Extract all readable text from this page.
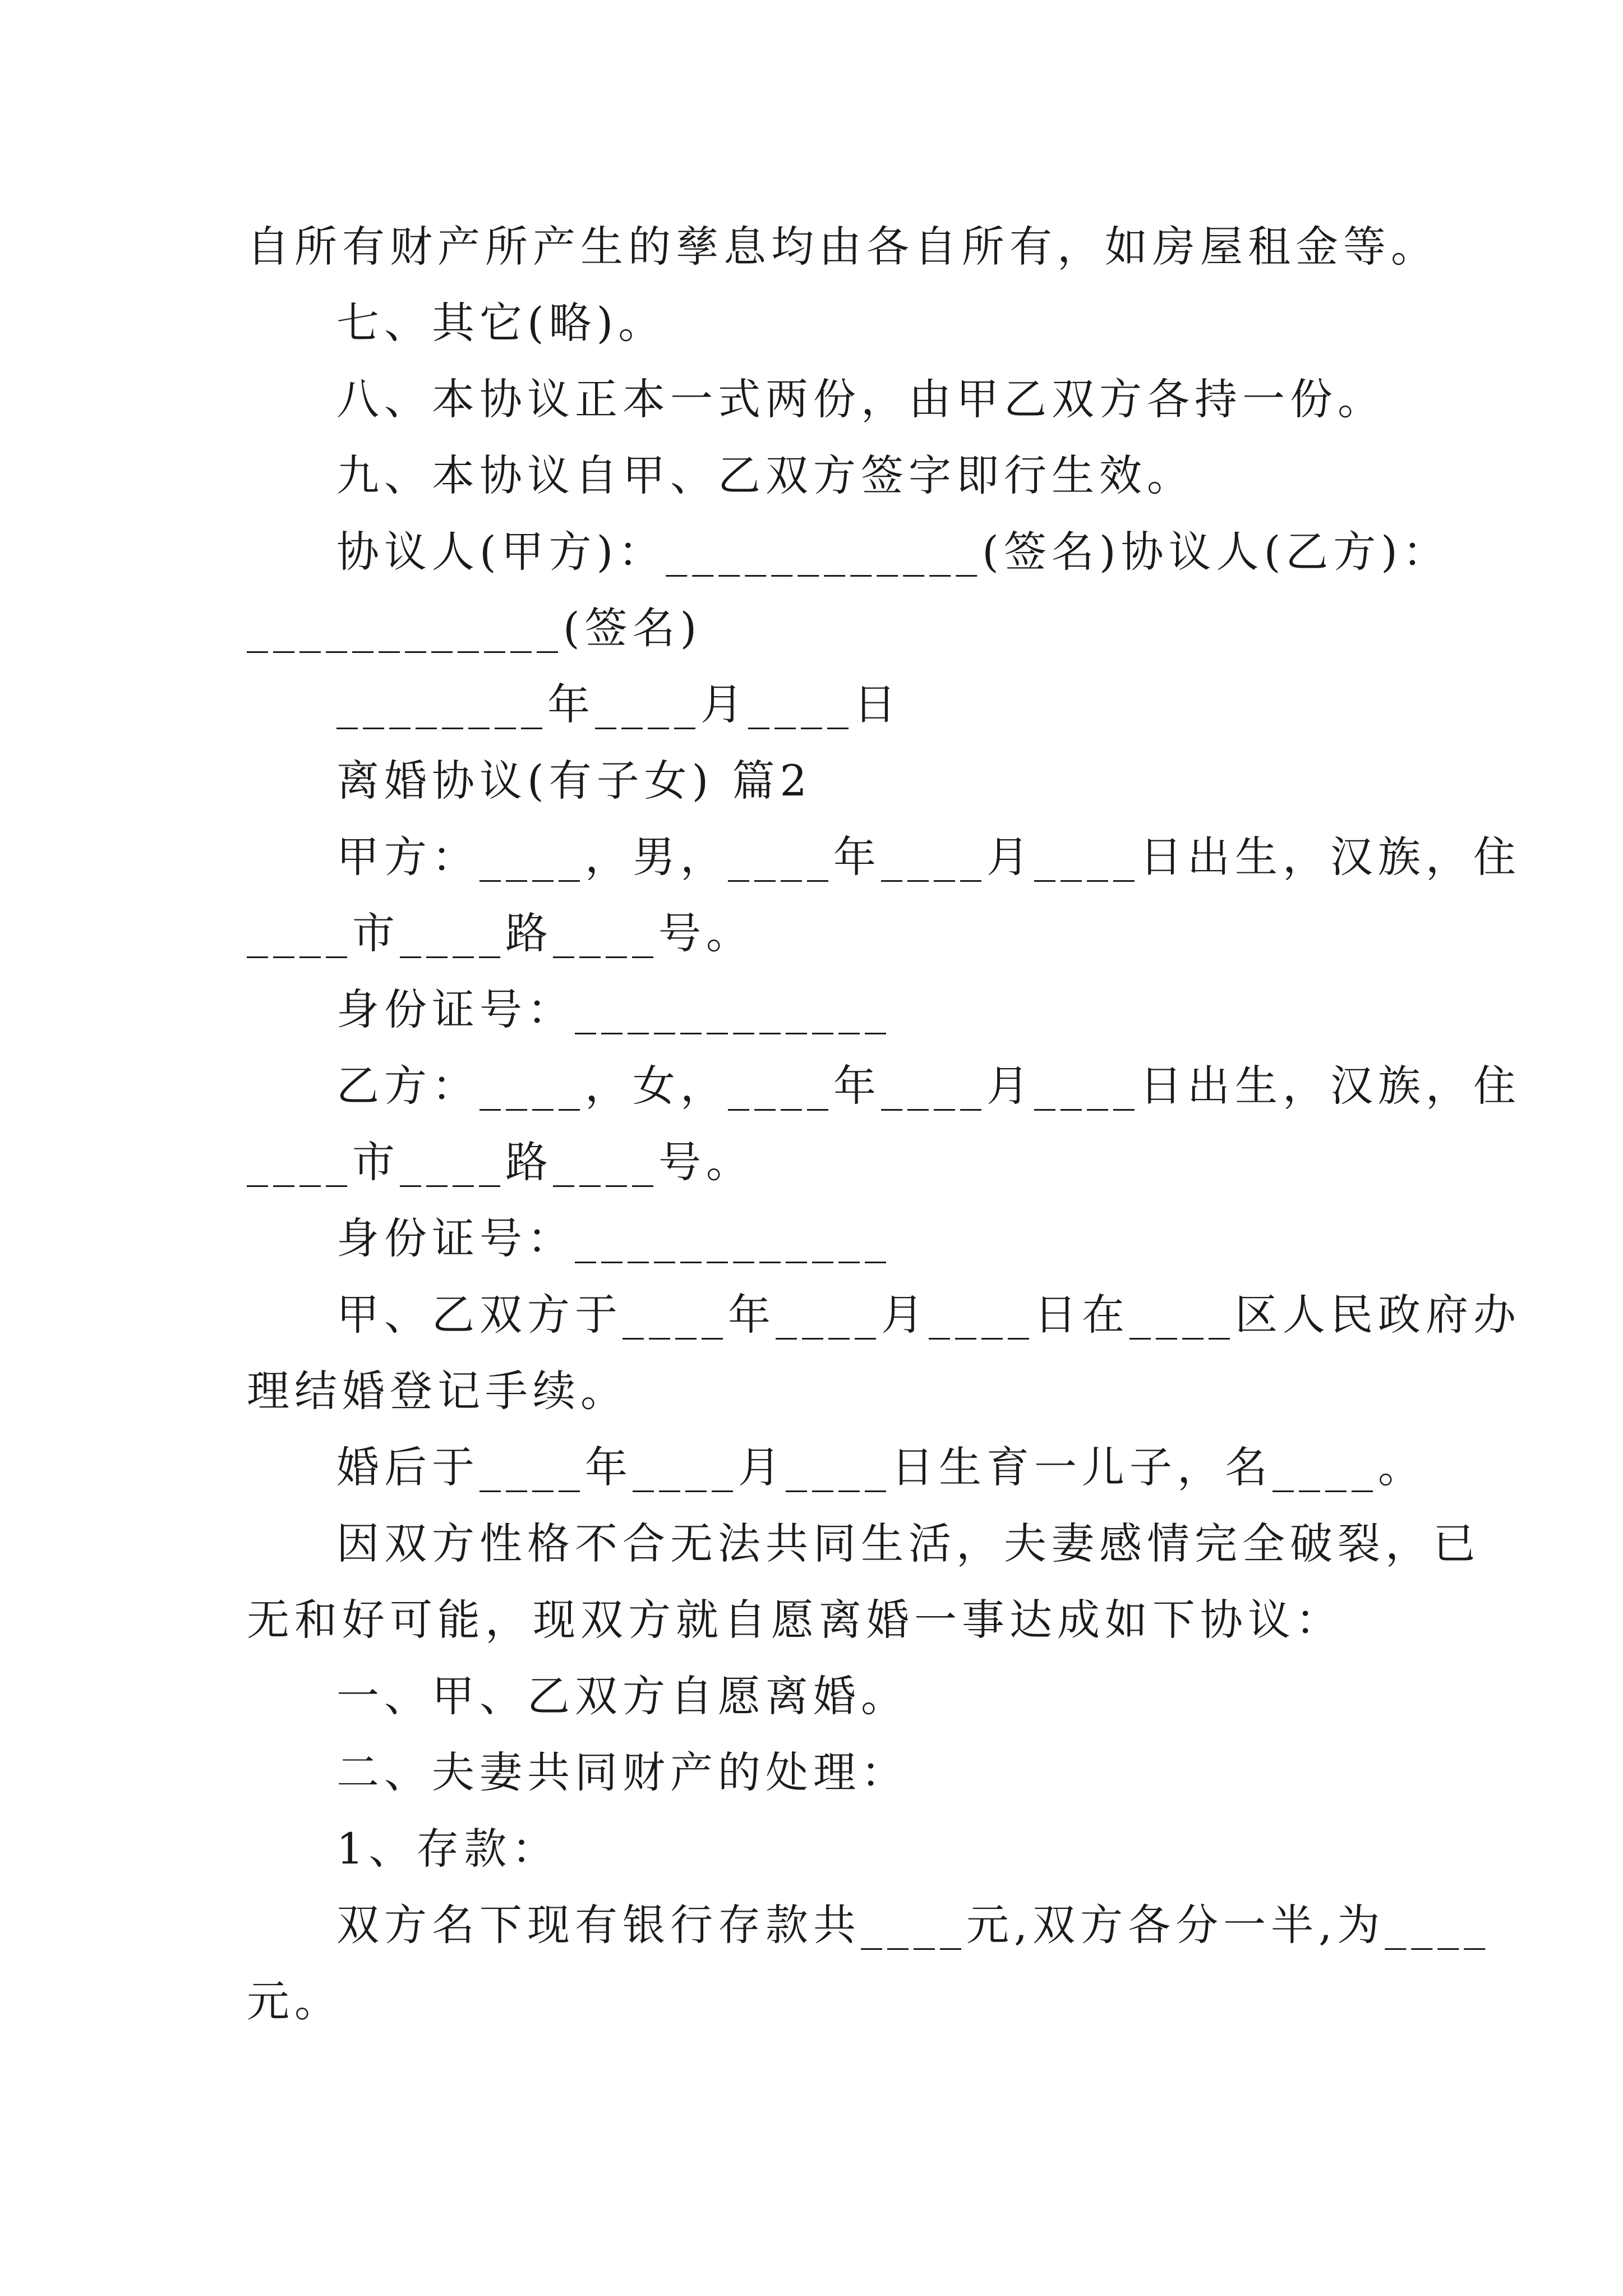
自所有财产所产生的孳息均由各自所有，如房屋租金等。
七、其它(略)。
八、本协议正本一式两份，由甲乙双方各持一份。
九、本协议自甲、乙双方签字即行生效。
协议人(甲方)：____________(签名)协议人(乙方)：
____________(签名)
________年____月____日
离婚协议(有子女) 篇2
甲方：____，男，____年____月____日出生，汉族，住
____市____路____号。
身份证号：____________
乙方：____，女，____年____月____日出生，汉族，住
____市____路____号。
身份证号：____________
甲、乙双方于____年____月____日在____区人民政府办
理结婚登记手续。
婚后于____年____月____日生育一儿子，名____。
因双方性格不合无法共同生活，夫妻感情完全破裂，已
无和好可能，现双方就自愿离婚一事达成如下协议：
一、甲、乙双方自愿离婚。
二、夫妻共同财产的处理：
1、存款：
双方名下现有银行存款共____元,双方各分一半,为____
元。
